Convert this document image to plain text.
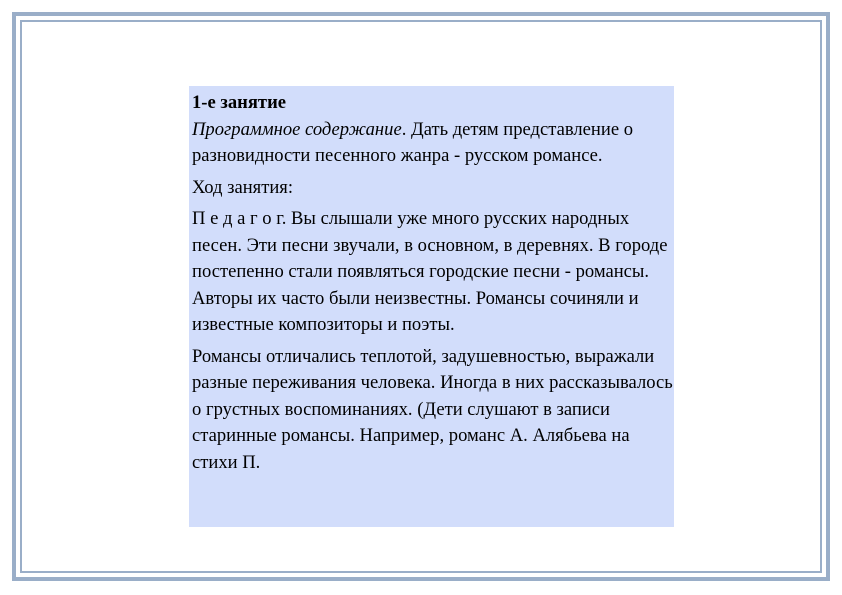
1-е занятие
Программное содержание. Дать детям представление о разновидности песенного жанра - русском романсе.

Ход занятия:

П е д а г о г. Вы слышали уже много русских народных песен. Эти песни звучали, в основном, в деревнях. В городе постепенно стали появляться городские песни - романсы. Авторы их часто были неизвестны. Романсы сочиняли и известные композиторы и поэты.

Романсы отличались теплотой, задушевностью, выражали разные переживания человека. Иногда в них рассказывалось о грустных воспоминаниях. (Дети слушают в записи старинные романсы. Например, романс А. Алябьева на стихи П.
